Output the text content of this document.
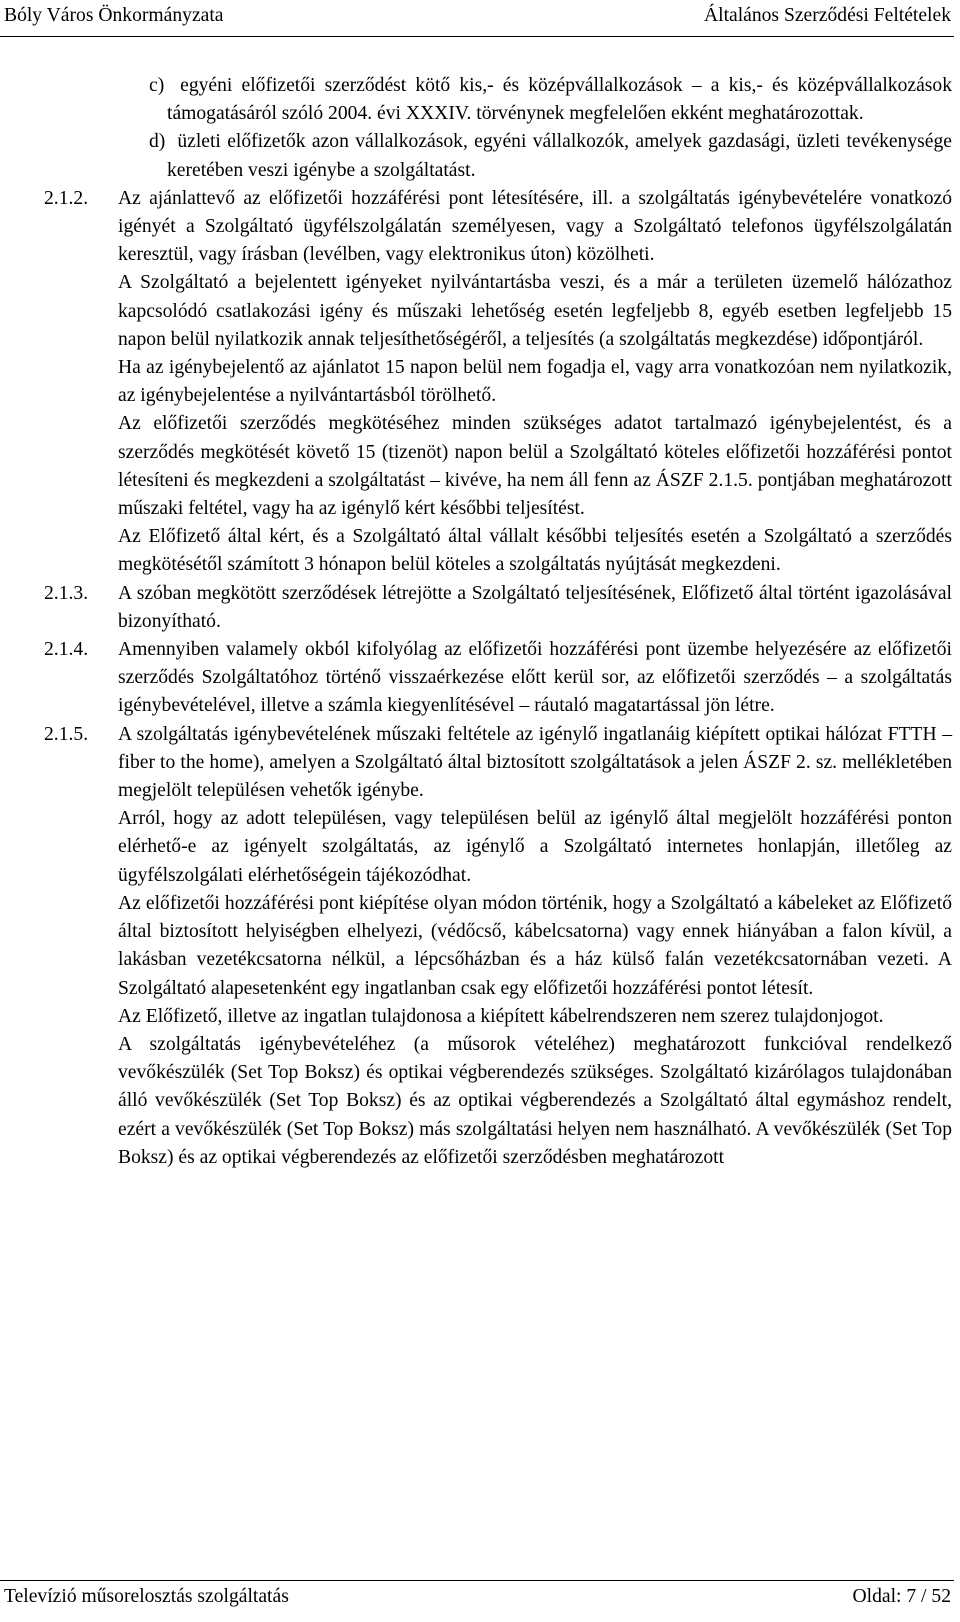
Bóly Város Önkormányzata	Általános Szerződési Feltételek

c) egyéni előfizetői szerződést kötő kis,- és középvállalkozások – a kis,- és középvállalkozások támogatásáról szóló 2004. évi XXXIV. törvénynek megfelelően ekként meghatározottak.

d) üzleti előfizetők azon vállalkozások, egyéni vállalkozók, amelyek gazdasági, üzleti tevékenysége keretében veszi igénybe a szolgáltatást.

2.1.2. Az ajánlattevő az előfizetői hozzáférési pont létesítésére, ill. a szolgáltatás igénybevételére vonatkozó igényét a Szolgáltató ügyfélszolgálatán személyesen, vagy a Szolgáltató telefonos ügyfélszolgálatán keresztül, vagy írásban (levélben, vagy elektronikus úton) közölheti.

A Szolgáltató a bejelentett igényeket nyilvántartásba veszi, és a már a területen üzemelő hálózathoz kapcsolódó csatlakozási igény és műszaki lehetőség esetén legfeljebb 8, egyéb esetben legfeljebb 15 napon belül nyilatkozik annak teljesíthetőségéről, a teljesítés (a szolgáltatás megkezdése) időpontjáról.

Ha az igénybejelentő az ajánlatot 15 napon belül nem fogadja el, vagy arra vonatkozóan nem nyilatkozik, az igénybejelentése a nyilvántartásból törölhető.

Az előfizetői szerződés megkötéséhez minden szükséges adatot tartalmazó igénybejelentést, és a szerződés megkötését követő 15 (tizenöt) napon belül a Szolgáltató köteles előfizetői hozzáférési pontot létesíteni és megkezdeni a szolgáltatást – kivéve, ha nem áll fenn az ÁSZF 2.1.5. pontjában meghatározott műszaki feltétel, vagy ha az igénylő kért későbbi teljesítést.

Az Előfizető által kért, és a Szolgáltató által vállalt későbbi teljesítés esetén a Szolgáltató a szerződés megkötésétől számított 3 hónapon belül köteles a szolgáltatás nyújtását megkezdeni.

2.1.3. A szóban megkötött szerződések létrejötte a Szolgáltató teljesítésének, Előfizető által történt igazolásával bizonyítható.
2.1.4. Amennyiben valamely okból kifolyólag az előfizetői hozzáférési pont üzembe helyezésére az előfizetői szerződés Szolgáltatóhoz történő visszaérkezése előtt kerül sor, az előfizetői szerződés – a szolgáltatás igénybevételével, illetve a számla kiegyenlítésével – ráutaló magatartással jön létre.
2.1.5. A szolgáltatás igénybevételének műszaki feltétele az igénylő ingatlanáig kiépített optikai hálózat FTTH – fiber to the home), amelyen a Szolgáltató által biztosított szolgáltatások a jelen ÁSZF 2. sz. mellékletében megjelölt településen vehetők igénybe.

Arról, hogy az adott településen, vagy településen belül az igénylő által megjelölt hozzáférési ponton elérhető-e az igényelt szolgáltatás, az igénylő a Szolgáltató internetes honlapján, illetőleg az ügyfélszolgálati elérhetőségein tájékozódhat.

Az előfizetői hozzáférési pont kiépítése olyan módon történik, hogy a Szolgáltató a kábeleket az Előfizető által biztosított helyiségben elhelyezi, (védőcső, kábelcsatorna) vagy ennek hiányában a falon kívül, a lakásban vezetékcsatorna nélkül, a lépcsőházban és a ház külső falán vezetékcsatornában vezeti. A Szolgáltató alapesetenként egy ingatlanban csak egy előfizetői hozzáférési pontot létesít.

Az Előfizető, illetve az ingatlan tulajdonosa a kiépített kábelrendszeren nem szerez tulajdonjogot.

A szolgáltatás igénybevételéhez (a műsorok vételéhez) meghatározott funkcióval rendelkező vevőkészülék (Set Top Boksz) és optikai végberendezés szükséges. Szolgáltató kizárólagos tulajdonában álló vevőkészülék (Set Top Boksz) és az optikai végberendezés a Szolgáltató által egymáshoz rendelt, ezért a vevőkészülék (Set Top Boksz) más szolgáltatási helyen nem használható. A vevőkészülék (Set Top Boksz) és az optikai végberendezés az előfizetői szerződésben meghatározott

Televízió műsorelosztás szolgáltatás	Oldal: 7 / 52
